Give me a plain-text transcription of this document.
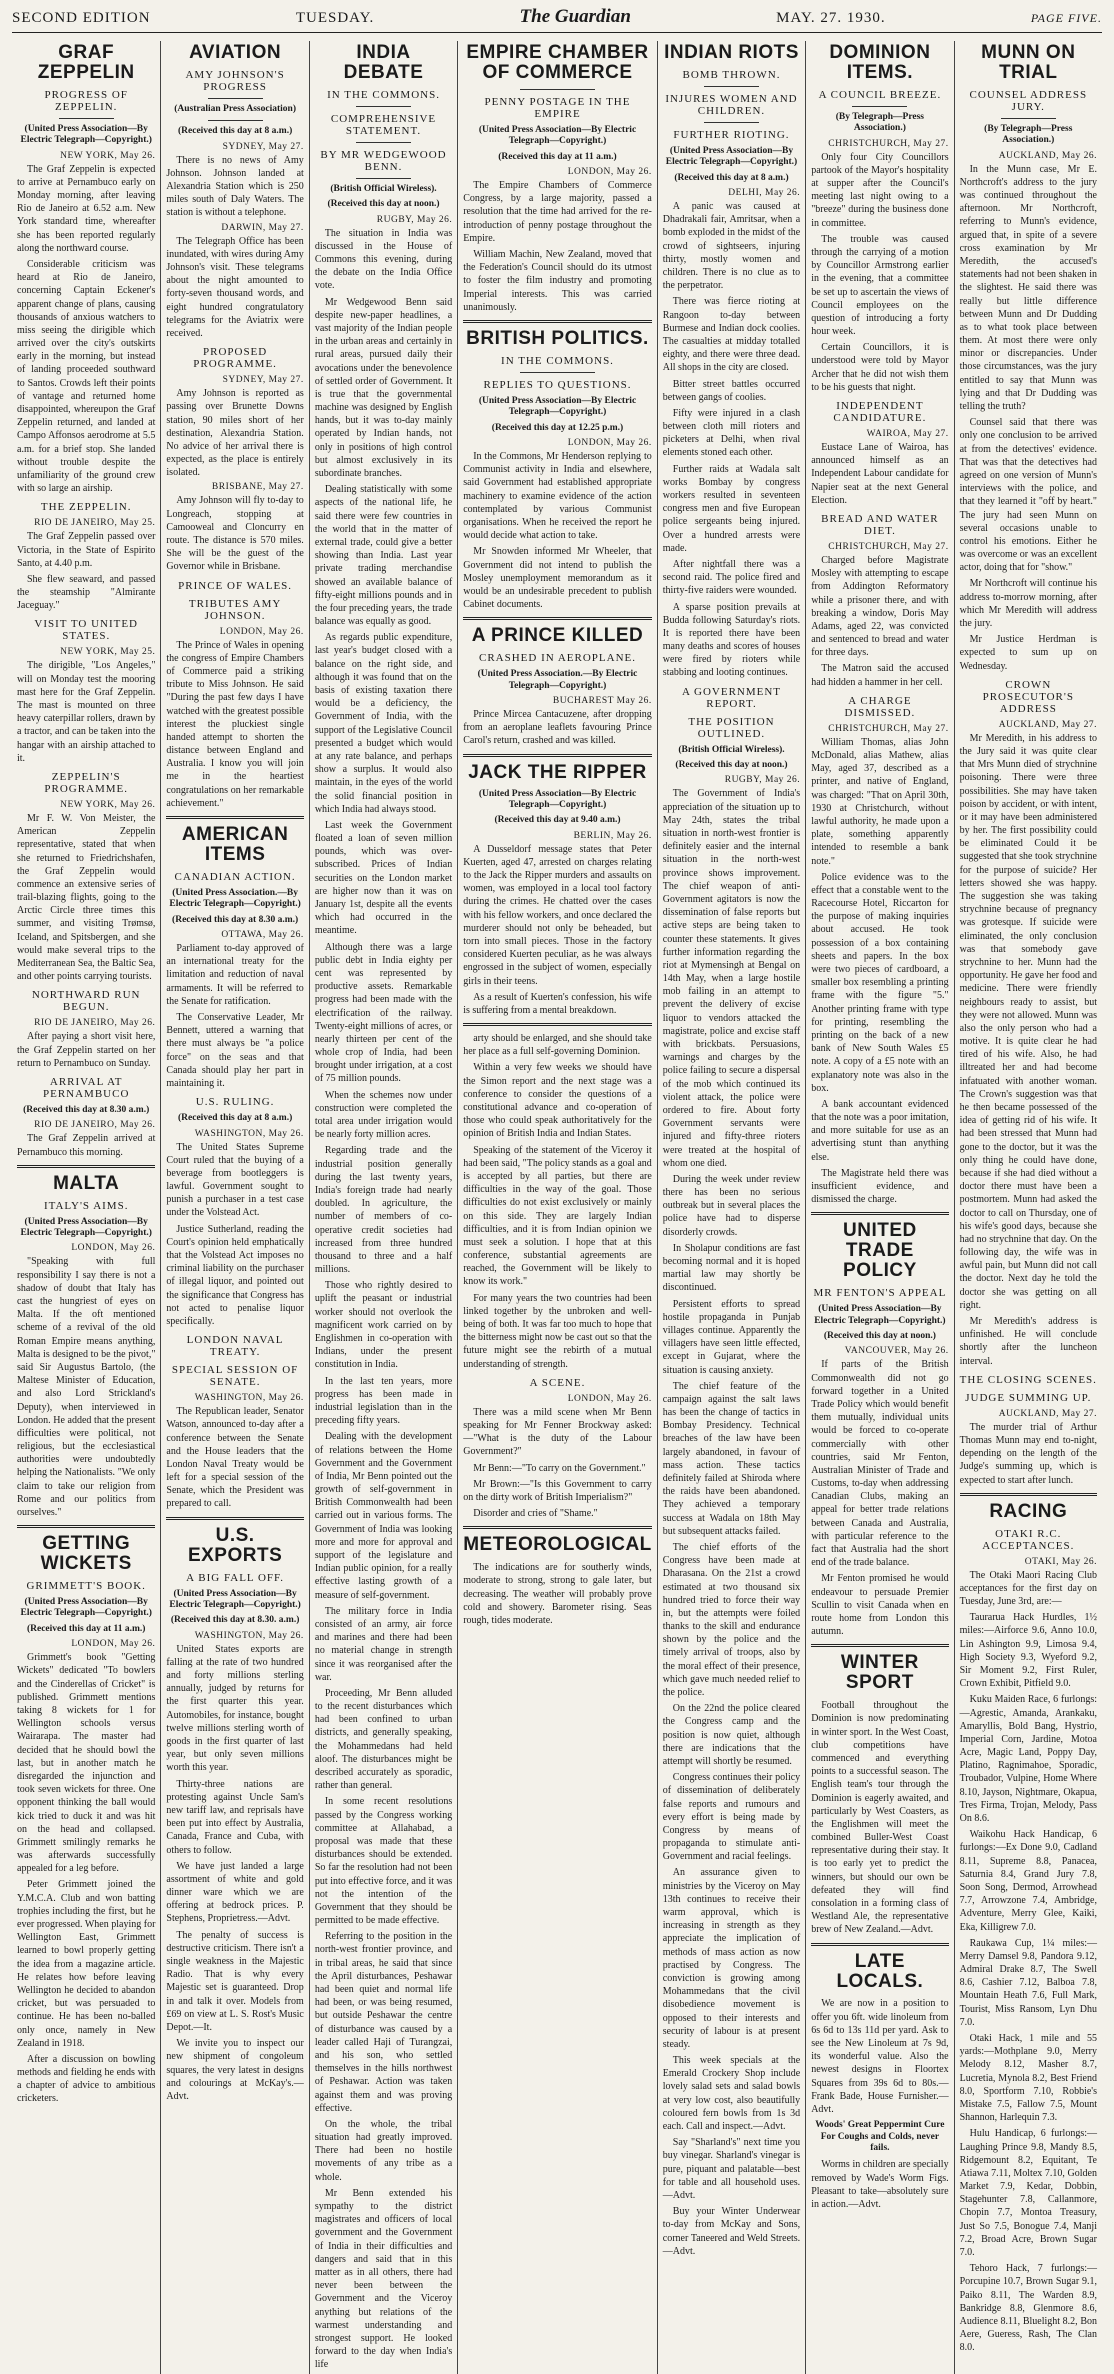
SECOND EDITION	TUESDAY.	The Guardian	MAY. 27. 1930.	PAGE FIVE.
GRAF ZEPPELIN
PROGRESS OF ZEPPELIN.
(United Press Association—By Electric Telegraph—Copyright.)
NEW YORK, May 26.

The Graf Zeppelin is expected to arrive at Pernambuco early on Monday morning, after leaving Rio de Janeiro at 6.52 a.m. New York standard time, whereafter she has been reported regularly along the northward course.

Considerable criticism was heard at Rio de Janeiro, concerning Captain Eckener's apparent change of plans, causing thousands of anxious watchers to miss seeing the dirigible which arrived over the city's outskirts early in the morning, but instead of landing proceeded southward to Santos. Crowds left their points of vantage and returned home disappointed, whereupon the Graf Zeppelin returned, and landed at Campo Affonsos aerodrome at 5.5 a.m. for a brief stop. She landed without trouble despite the unfamiliarity of the ground crew with so large an airship.

THE ZEPPELIN.
RIO DE JANEIRO, May 25.

The Graf Zeppelin passed over Victoria, in the State of Espirito Santo, at 4.40 p.m.

She flew seaward, and passed the steamship "Almirante Jaceguay."

VISIT TO UNITED STATES.
NEW YORK, May 25.

The dirigible, "Los Angeles," will on Monday test the mooring mast here for the Graf Zeppelin. The mast is mounted on three heavy caterpillar rollers, drawn by a tractor, and can be taken into the hangar with an airship attached to it.

ZEPPELIN'S PROGRAMME.
NEW YORK, May 26.

Mr F. W. Von Meister, the American Zeppelin representative, stated that when she returned to Friedrichshafen, the Graf Zeppelin would commence an extensive series of trail-blazing flights, going to the Arctic Circle three times this summer, and visiting Trømsø, Iceland, and Spitsbergen, and she would make several trips to the Mediterranean Sea, the Baltic Sea, and other points carrying tourists.

NORTHWARD RUN BEGUN.
RIO DE JANEIRO, May 26.

After paying a short visit here, the Graf Zeppelin started on her return to Pernambuco on Sunday.

ARRIVAL AT PERNAMBUCO
(Received this day at 8.30 a.m.)
RIO DE JANEIRO, May 26.

The Graf Zeppelin arrived at Pernambuco this morning.

MALTA
ITALY'S AIMS.
(United Press Association—By Electric Telegraph—Copyright.)
LONDON, May 26.

"Speaking with full responsibility I say there is not a shadow of doubt that Italy has cast the hungriest of eyes on Malta. If the oft mentioned scheme of a revival of the old Roman Empire means anything, Malta is designed to be the pivot," said Sir Augustus Bartolo, (the Maltese Minister of Education, and also Lord Strickland's Deputy), when interviewed in London. He added that the present difficulties were political, not religious, but the ecclesiastical authorities were undoubtedly helping the Nationalists. "We only claim to take our religion from Rome and our politics from ourselves."

GETTING WICKETS
GRIMMETT'S BOOK.
(United Press Association—By Electric Telegraph—Copyright.)
(Received this day at 11 a.m.)
LONDON, May 26.

Grimmett's book "Getting Wickets" dedicated "To bowlers and the Cinderellas of Cricket" is published. Grimmett mentions taking 8 wickets for 1 for Wellington schools versus Wairarapa. The master had decided that he should bowl the last, but in another match he disregarded the injunction and took seven wickets for three. One opponent thinking the ball would kick tried to duck it and was hit on the head and collapsed. Grimmett smilingly remarks he was afterwards successfully appealed for a leg before.

Peter Grimmett joined the Y.M.C.A. Club and won batting trophies including the first, but he ever progressed. When playing for Wellington East, Grimmett learned to bowl properly getting the idea from a magazine article. He relates how before leaving Wellington he decided to abandon cricket, but was persuaded to continue. He has been no-balled only once, namely in New Zealand in 1918.

After a discussion on bowling methods and fielding he ends with a chapter of advice to ambitious cricketers.

AVIATION
AMY JOHNSON'S PROGRESS
(Australian Press Association)
(Received this day at 8 a.m.)
SYDNEY, May 27.

There is no news of Amy Johnson. Johnson landed at Alexandria Station which is 250 miles south of Daly Waters. The station is without a telephone.

DARWIN, May 27.

The Telegraph Office has been inundated, with wires during Amy Johnson's visit. These telegrams about the night amounted to forty-seven thousand words, and eight hundred congratulatory telegrams for the Aviatrix were received.

PROPOSED PROGRAMME.
SYDNEY, May 27.

Amy Johnson is reported as passing over Brunette Downs station, 90 miles short of her destination, Alexandria Station. No advice of her arrival there is expected, as the place is entirely isolated.

BRISBANE, May 27.

Amy Johnson will fly to-day to Longreach, stopping at Camooweal and Cloncurry en route. The distance is 570 miles. She will be the guest of the Governor while in Brisbane.

PRINCE OF WALES.
TRIBUTES AMY JOHNSON.
LONDON, May 26.

The Prince of Wales in opening the congress of Empire Chambers of Commerce paid a striking tribute to Miss Johnson. He said "During the past few days I have watched with the greatest possible interest the pluckiest single handed attempt to shorten the distance between England and Australia. I know you will join me in the heartiest congratulations on her remarkable achievement."

AMERICAN ITEMS
CANADIAN ACTION.
(United Press Association.—By Electric Telegraph—Copyright.)
(Received this day at 8.30 a.m.)
OTTAWA, May 26.

Parliament to-day approved of an international treaty for the limitation and reduction of naval armaments. It will be referred to the Senate for ratification.

The Conservative Leader, Mr Bennett, uttered a warning that there must always be "a police force" on the seas and that Canada should play her part in maintaining it.

U.S. RULING.
(Received this day at 8 a.m.)
WASHINGTON, May 26.

The United States Supreme Court ruled that the buying of a beverage from bootleggers is lawful. Government sought to punish a purchaser in a test case under the Volstead Act.

Justice Sutherland, reading the Court's opinion held emphatically that the Volstead Act imposes no criminal liability on the purchaser of illegal liquor, and pointed out the significance that Congress has not acted to penalise liquor specifically.

LONDON NAVAL TREATY.
SPECIAL SESSION OF SENATE.
WASHINGTON, May 26.

The Republican leader, Senator Watson, announced to-day after a conference between the Senate and the House leaders that the London Naval Treaty would be left for a special session of the Senate, which the President was prepared to call.

U.S. EXPORTS
A BIG FALL OFF.
(United Press Association—By Electric Telegraph—Copyright.)
(Received this day at 8.30. a.m.)
WASHINGTON, May 26.

United States exports are falling at the rate of two hundred and forty millions sterling annually, judged by returns for the first quarter this year. Automobiles, for instance, bought twelve millions sterling worth of goods in the first quarter of last year, but only seven millions worth this year.

Thirty-three nations are protesting against Uncle Sam's new tariff law, and reprisals have been put into effect by Australia, Canada, France and Cuba, with others to follow.

We have just landed a large assortment of white and gold dinner ware which we are offering at bedrock prices. P. Stephens, Proprietress.—Advt.

The penalty of success is destructive criticism. There isn't a single weakness in the Majestic Radio. That is why every Majestic set is guaranteed. Drop in and talk it over. Models from £69 on view at L. S. Rost's Music Depot.—It.

We invite you to inspect our new shipment of congoleum squares, the very latest in designs and colourings at McKay's.—Advt.

INDIA DEBATE
IN THE COMMONS.
COMPREHENSIVE STATEMENT.
BY MR WEDGEWOOD BENN.
(British Official Wireless).
(Received this day at noon.)
RUGBY, May 26.

The situation in India was discussed in the House of Commons this evening, during the debate on the India Office vote.

Mr Wedgewood Benn said despite new-paper headlines, a vast majority of the Indian people in the urban areas and certainly in rural areas, pursued daily their avocations under the benevolence of settled order of Government. It is true that the governmental machine was designed by English hands, but it was to-day mainly operated by Indian hands, not only in positions of high control but almost exclusively in its subordinate branches.

Dealing statistically with some aspects of the national life, he said there were few countries in the world that in the matter of external trade, could give a better showing than India. Last year private trading merchandise showed an available balance of fifty-eight millions pounds and in the four preceding years, the trade balance was equally as good.

As regards public expenditure, last year's budget closed with a balance on the right side, and although it was found that on the basis of existing taxation there would be a deficiency, the Government of India, with the support of the Legislative Council presented a budget which would at any rate balance, and perhaps show a surplus. It would also maintain, in the eyes of the world the solid financial position in which India had always stood.

Last week the Government floated a loan of seven million pounds, which was over-subscribed. Prices of Indian securities on the London market are higher now than it was on January 1st, despite all the events which had occurred in the meantime.

Although there was a large public debt in India eighty per cent was represented by productive assets. Remarkable progress had been made with the electrification of the railway. Twenty-eight millions of acres, or nearly thirteen per cent of the whole crop of India, had been brought under irrigation, at a cost of 75 million pounds.

When the schemes now under construction were completed the total area under irrigation would be nearly forty million acres.

Regarding trade and the industrial position generally during the last twenty years, India's foreign trade had nearly doubled. In agriculture, the number of members of co-operative credit societies had increased from three hundred thousand to three and a half millions.

Those who rightly desired to uplift the peasant or industrial worker should not overlook the magnificent work carried on by Englishmen in co-operation with Indians, under the present constitution in India.

In the last ten years, more progress has been made in industrial legislation than in the preceding fifty years.

Dealing with the development of relations between the Home Government and the Government of India, Mr Benn pointed out the growth of self-government in British Commonwealth had been carried out in various forms. The Government of India was looking more and more for approval and support of the legislature and Indian public opinion, for a really effective lasting growth of a measure of self-government.

The military force in India consisted of an army, air force and marines and there had been no material change in strength since it was reorganised after the war.

Proceeding, Mr Benn alluded to the recent disturbances which had been confined to urban districts, and generally speaking, the Mohammedans had held aloof. The disturbances might be described accurately as sporadic, rather than general.

In some recent resolutions passed by the Congress working committee at Allahabad, a proposal was made that these disturbances should be extended. So far the resolution had not been put into effective force, and it was not the intention of the Government that they should be permitted to be made effective.

Referring to the position in the north-west frontier province, and in tribal areas, he said that since the April disturbances, Peshawar had been quiet and normal life had been, or was being resumed, but outside Peshawar the centre of disturbance was caused by a leader called Haji of Turangzai, and his son, who settled themselves in the hills northwest of Peshawar. Action was taken against them and was proving effective.

On the whole, the tribal situation had greatly improved. There had been no hostile movements of any tribe as a whole.

Mr Benn extended his sympathy to the district magistrates and officers of local government and the Government of India in their difficulties and dangers and said that in this matter as in all others, there had never been between the Government and the Viceroy anything but relations of the warmest understanding and strongest support. He looked forward to the day when India's life

EMPIRE CHAMBER OF COMMERCE
PENNY POSTAGE IN THE EMPIRE
(United Press Association—By Electric Telegraph—Copyright.)
(Received this day at 11 a.m.)
LONDON, May 26.

The Empire Chambers of Commerce Congress, by a large majority, passed a resolution that the time had arrived for the re-introduction of penny postage throughout the Empire.

William Machin, New Zealand, moved that the Federation's Council should do its utmost to foster the film industry and promoting Imperial interests. This was carried unanimously.

BRITISH POLITICS.
IN THE COMMONS.
REPLIES TO QUESTIONS.
(United Press Association—By Electric Telegraph—Copyright.)
(Received this day at 12.25 p.m.)
LONDON, May 26.

In the Commons, Mr Henderson replying to Communist activity in India and elsewhere, said Government had established appropriate machinery to examine evidence of the action contemplated by various Communist organisations. When he received the report he would decide what action to take.

Mr Snowden informed Mr Wheeler, that Government did not intend to publish the Mosley unemployment memorandum as it would be an undesirable precedent to publish Cabinet documents.

A PRINCE KILLED
CRASHED IN AEROPLANE.
(United Press Association.—By Electric Telegraph—Copyright.)
BUCHAREST May 26.

Prince Mircea Cantacuzene, after dropping from an aeroplane leaflets favouring Prince Carol's return, crashed and was killed.

JACK THE RIPPER
(United Press Association—By Electric Telegraph—Copyright.)
(Received this day at 9.40 a.m.)
BERLIN, May 26.

A Dusseldorf message states that Peter Kuerten, aged 47, arrested on charges relating to the Jack the Ripper murders and assaults on women, was employed in a local tool factory during the crimes. He chatted over the cases with his fellow workers, and once declared the murderer should not only be beheaded, but torn into small pieces. Those in the factory considered Kuerten peculiar, as he was always engrossed in the subject of women, especially girls in their teens.

As a result of Kuerten's confession, his wife is suffering from a mental breakdown.

arty should be enlarged, and she should take her place as a full self-governing Dominion.

Within a very few weeks we should have the Simon report and the next stage was a conference to consider the questions of a constitutional advance and co-operation of those who could speak authoritatively for the opinion of British India and Indian States.

Speaking of the statement of the Viceroy it had been said, "The policy stands as a goal and is accepted by all parties, but there are difficulties in the way of the goal. Those difficulties do not exist exclusively or mainly on this side. They are largely Indian difficulties, and it is from Indian opinion we must seek a solution. I hope that at this conference, substantial agreements are reached, the Government will be likely to know its work."

For many years the two countries had been linked together by the unbroken and well-being of both. It was far too much to hope that the bitterness might now be cast out so that the future might see the rebirth of a mutual understanding of strength.

A SCENE.
LONDON, May 26.

There was a mild scene when Mr Benn speaking for Mr Fenner Brockway asked:—"What is the duty of the Labour Government?"

Mr Benn:—"To carry on the Government."

Mr Brown:—"Is this Government to carry on the dirty work of British Imperialism?"

Disorder and cries of "Shame."

METEOROLOGICAL

The indications are for southerly winds, moderate to strong, strong to gale later, but decreasing. The weather will probably prove cold and showery. Barometer rising. Seas rough, tides moderate.

INDIAN RIOTS
BOMB THROWN.
INJURES WOMEN AND CHILDREN.
FURTHER RIOTING.
(United Press Association—By Electric Telegraph—Copyright.)
(Received this day at 8 a.m.)
DELHI, May 26.

A panic was caused at Dhadrakali fair, Amritsar, when a bomb exploded in the midst of the crowd of sightseers, injuring thirty, mostly women and children. There is no clue as to the perpetrator.

There was fierce rioting at Rangoon to-day between Burmese and Indian dock coolies. The casualties at midday totalled eighty, and there were three dead. All shops in the city are closed.

Bitter street battles occurred between gangs of coolies.

Fifty were injured in a clash between cloth mill rioters and picketers at Delhi, when rival elements stoned each other.

Further raids at Wadala salt works Bombay by congress workers resulted in seventeen congress men and five European police sergeants being injured. Over a hundred arrests were made.

After nightfall there was a second raid. The police fired and thirty-five raiders were wounded.

A sparse position prevails at Budda following Saturday's riots. It is reported there have been many deaths and scores of houses were fired by rioters while stabbing and looting continues.

A GOVERNMENT REPORT.
THE POSITION OUTLINED.
(British Official Wireless).
(Received this day at noon.)
RUGBY, May 26.

The Government of India's appreciation of the situation up to May 24th, states the tribal situation in north-west frontier is definitely easier and the internal situation in the north-west province shows improvement. The chief weapon of anti-Government agitators is now the dissemination of false reports but active steps are being taken to counter these statements. It gives further information regarding the riot at Mymensingh at Bengal on 14th May, when a large hostile mob failing in an attempt to prevent the delivery of excise liquor to vendors attacked the magistrate, police and excise staff with brickbats. Persuasions, warnings and charges by the police failing to secure a dispersal of the mob which continued its violent attack, the police were ordered to fire. About forty Government servants were injured and fifty-three rioters were treated at the hospital of whom one died.

During the week under review there has been no serious outbreak but in several places the police have had to disperse disorderly crowds.

In Sholapur conditions are fast becoming normal and it is hoped martial law may shortly be discontinued.

Persistent efforts to spread hostile propaganda in Punjab villages continue. Apparently the villagers have seen little effected, except in Gujarat, where the situation is causing anxiety.

The chief feature of the campaign against the salt laws has been the change of tactics in Bombay Presidency. Technical breaches of the law have been largely abandoned, in favour of mass action. These tactics definitely failed at Shiroda where the raids have been abandoned. They achieved a temporary success at Wadala on 18th May but subsequent attacks failed.

The chief efforts of the Congress have been made at Dharasana. On the 21st a crowd estimated at two thousand six hundred tried to force their way in, but the attempts were foiled thanks to the skill and endurance shown by the police and the timely arrival of troops, also by the moral effect of their presence, which gave much needed relief to the police.

On the 22nd the police cleared the Congress camp and the position is now quiet, although there are indications that the attempt will shortly be resumed.

Congress continues their policy of dissemination of deliberately false reports and rumours and every effort is being made by Congress by means of propaganda to stimulate anti-Government and racial feelings.

An assurance given to ministries by the Viceroy on May 13th continues to receive their warm approval, which is increasing in strength as they appreciate the implication of methods of mass action as now practised by Congress. The conviction is growing among Mohammedans that the civil disobedience movement is opposed to their interests and security of labour is at present steady.

This week specials at the Emerald Crockery Shop include lovely salad sets and salad bowls at very low cost, also beautifully coloured fern bowls from 1s 3d each. Call and inspect.—Advt.

Say "Sharland's" next time you buy vinegar. Sharland's vinegar is pure, piquant and palatable—best for table and all household uses.—Advt.

Buy your Winter Underwear to-day from McKay and Sons, corner Taneered and Weld Streets.—Advt.

DOMINION ITEMS.
A COUNCIL BREEZE.
(By Telegraph—Press Association.)
CHRISTCHURCH, May 27.

Only four City Councillors partook of the Mayor's hospitality at supper after the Council's meeting last night owing to a "breeze" during the business done in committee.

The trouble was caused through the carrying of a motion by Councillor Armstrong earlier in the evening, that a committee be set up to ascertain the views of Council employees on the question of introducing a forty hour week.

Certain Councillors, it is understood were told by Mayor Archer that he did not wish them to be his guests that night.

INDEPENDENT CANDIDATURE.
WAIROA, May 27.

Eustace Lane of Wairoa, has announced himself as an Independent Labour candidate for Napier seat at the next General Election.

BREAD AND WATER DIET.
CHRISTCHURCH, May 27.

Charged before Magistrate Mosley with attempting to escape from Addington Reformatory while a prisoner there, and with breaking a window, Doris May Adams, aged 22, was convicted and sentenced to bread and water for three days.

The Matron said the accused had hidden a hammer in her cell.

A CHARGE DISMISSED.
CHRISTCHURCH, May 27.

William Thomas, alias John McDonald, alias Mathew, alias May, aged 37, described as a printer, and native of England, was charged: "That on April 30th, 1930 at Christchurch, without lawful authority, he made upon a plate, something apparently intended to resemble a bank note."

Police evidence was to the effect that a constable went to the Racecourse Hotel, Riccarton for the purpose of making inquiries about accused. He took possession of a box containing sheets and papers. In the box were two pieces of cardboard, a smaller box resembling a printing frame with the figure "5." Another printing frame with type for printing, resembling the printing on the back of a new bank of New South Wales £5 note. A copy of a £5 note with an explanatory note was also in the box.

A bank accountant evidenced that the note was a poor imitation, and more suitable for use as an advertising stunt than anything else.

The Magistrate held there was insufficient evidence, and dismissed the charge.

UNITED TRADE POLICY
MR FENTON'S APPEAL
(United Press Association—By Electric Telegraph—Copyright.)
(Received this day at noon.)
VANCOUVER, May 26.

If parts of the British Commonwealth did not go forward together in a United Trade Policy which would benefit them mutually, individual units would be forced to co-operate commercially with other countries, said Mr Fenton, Australian Minister of Trade and Customs, to-day when addressing Canadian Clubs, making an appeal for better trade relations between Canada and Australia, with particular reference to the fact that Australia had the short end of the trade balance.

Mr Fenton promised he would endeavour to persuade Premier Scullin to visit Canada when en route home from London this autumn.

WINTER SPORT

Football throughout the Dominion is now predominating in winter sport. In the West Coast, club competitions have commenced and everything points to a successful season. The English team's tour through the Dominion is eagerly awaited, and particularly by West Coasters, as the Englishmen will meet the combined Buller-West Coast representative during their stay. It is too early yet to predict the winners, but should our own be defeated they will find consolation in a forming class of Westland Ale, the representative brew of New Zealand.—Advt.

LATE LOCALS.

We are now in a position to offer you 6ft. wide linoleum from 6s 6d to 13s 11d per yard. Ask to see the New Linoleum at 7s 9d, its wonderful value. Also the newest designs in Floortex Squares from 39s 6d to 80s.—Frank Bade, House Furnisher.—Advt.

Woods' Great Peppermint Cure For Coughs and Colds, never fails.

Worms in children are specially removed by Wade's Worm Figs. Pleasant to take—absolutely sure in action.—Advt.

MUNN ON TRIAL
COUNSEL ADDRESS JURY.
(By Telegraph—Press Association.)
AUCKLAND, May 26.

In the Munn case, Mr E. Northcroft's address to the jury was continued throughout the afternoon. Mr Northcroft, referring to Munn's evidence, argued that, in spite of a severe cross examination by Mr Meredith, the accused's statements had not been shaken in the slightest. He said there was really but little difference between Munn and Dr Dudding as to what took place between them. At most there were only minor or discrepancies. Under those circumstances, was the jury entitled to say that Munn was lying and that Dr Dudding was telling the truth?

Counsel said that there was only one conclusion to be arrived at from the detectives' evidence. That was that the detectives had agreed on one version of Munn's interviews with the police, and that they learned it "off by heart." The jury had seen Munn on several occasions unable to control his emotions. Either he was overcome or was an excellent actor, doing that for "show."

Mr Northcroft will continue his address to-morrow morning, after which Mr Meredith will address the jury.

Mr Justice Herdman is expected to sum up on Wednesday.

CROWN PROSECUTOR'S ADDRESS
AUCKLAND, May 27.

Mr Meredith, in his address to the Jury said it was quite clear that Mrs Munn died of strychnine poisoning. There were three possibilities. She may have taken poison by accident, or with intent, or it may have been administered by her. The first possibility could be eliminated Could it be suggested that she took strychnine for the purpose of suicide? Her letters showed she was happy. The suggestion she was taking strychnine because of pregnancy was grotesque. If suicide were eliminated, the only conclusion was that somebody gave strychnine to her. Munn had the opportunity. He gave her food and medicine. There were friendly neighbours ready to assist, but they were not allowed. Munn was also the only person who had a motive. It is quite clear he had tired of his wife. Also, he had illtreated her and had become infatuated with another woman. The Crown's suggestion was that he then became possessed of the idea of getting rid of his wife. It had been stressed that Munn had gone to the doctor, but it was the only thing he could have done, because if she had died without a doctor there must have been a postmortem. Munn had asked the doctor to call on Thursday, one of his wife's good days, because she had no strychnine that day. On the following day, the wife was in awful pain, but Munn did not call the doctor. Next day he told the doctor she was getting on all right.

Mr Meredith's address is unfinished. He will conclude shortly after the luncheon interval.

THE CLOSING SCENES.
JUDGE SUMMING UP.
AUCKLAND, May 27.

The murder trial of Arthur Thomas Munn may end to-night, depending on the length of the Judge's summing up, which is expected to start after lunch.

RACING
OTAKI R.C. ACCEPTANCES.
OTAKI, May 26.

The Otaki Maori Racing Club acceptances for the first day on Tuesday, June 3rd, are:—

Taurarua Hack Hurdles, 1½ miles:—Airforce 9.6, Anno 10.0, Lin Ashington 9.9, Limosa 9.4, High Society 9.3, Wyeford 9.2, Sir Moment 9.2, First Ruler, Crown Exhibit, Pitfield 9.0.

Kuku Maiden Race, 6 furlongs:—Agrestic, Amanda, Arankaku, Amaryllis, Bold Bang, Hystrio, Imperial Corn, Jardine, Motoa Acre, Magic Land, Poppy Day, Platino, Ragnimahoe, Sporadic, Troubador, Vulpine, Home Where 8.10, Jayson, Nightmare, Okapua, Tres Firma, Trojan, Melody, Pass On 8.6.

Waikohu Hack Handicap, 6 furlongs:—Ex Done 9.0, Cadland 8.11, Supreme 8.8, Panacea, Saturnia 8.4, Grand Jury 7.8, Soon Song, Dermod, Arrowhead 7.7, Arrowzone 7.4, Ambridge, Adventure, Merry Glee, Kaiki, Eka, Killigrew 7.0.

Raukawa Cup, 1¼ miles:—Merry Damsel 9.8, Pandora 9.12, Admiral Drake 8.7, The Swell 8.6, Cashier 7.12, Balboa 7.8, Mountain Heath 7.6, Full Mark, Tourist, Miss Ransom, Lyn Dhu 7.0.

Otaki Hack, 1 mile and 55 yards:—Mothplane 9.0, Merry Melody 8.12, Masher 8.7, Lucretia, Mynola 8.2, Best Friend 8.0, Sportform 7.10, Robbie's Mistake 7.5, Fallow 7.5, Mount Shannon, Harlequin 7.3.

Hulu Handicap, 6 furlongs:—Laughing Prince 9.8, Mandy 8.5, Ridgemount 8.2, Equitant, Te Atiawa 7.11, Moltex 7.10, Golden Market 7.9, Kedar, Dobbin, Stagehunter 7.8, Callanmore, Chopin 7.7, Montoa Treasury, Just So 7.5, Bonogue 7.4, Manji 7.2, Broad Acre, Brown Sugar 7.0.

Tehoro Hack, 7 furlongs:—Porcupine 10.7, Brown Sugar 9.1, Paiko 8.11, The Warden 8.9, Bankridge 8.8, Glenmore 8.6, Audience 8.11, Bluelight 8.2, Bon Aere, Gueress, Rash, The Clan 8.0.
